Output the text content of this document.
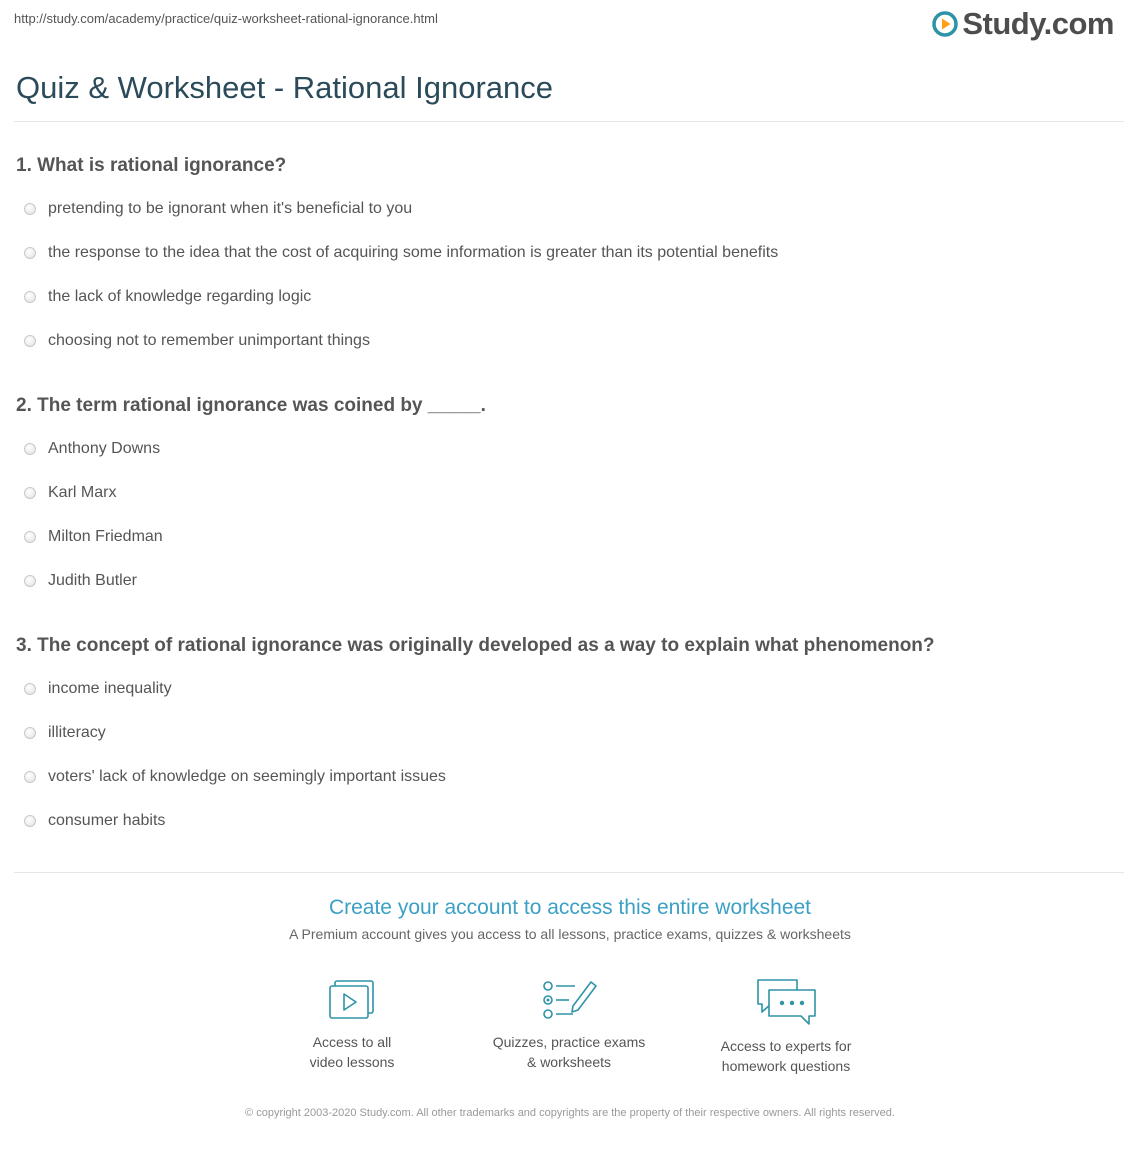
http://study.com/academy/practice/quiz-worksheet-rational-ignorance.html	Study.com
Quiz & Worksheet - Rational Ignorance
1. What is rational ignorance?
pretending to be ignorant when it's beneficial to you
the response to the idea that the cost of acquiring some information is greater than its potential benefits
the lack of knowledge regarding logic
choosing not to remember unimportant things
2. The term rational ignorance was coined by _____.
Anthony Downs
Karl Marx
Milton Friedman
Judith Butler
3. The concept of rational ignorance was originally developed as a way to explain what phenomenon?
income inequality
illiteracy
voters' lack of knowledge on seemingly important issues
consumer habits
Create your account to access this entire worksheet
A Premium account gives you access to all lessons, practice exams, quizzes & worksheets
Access to all
video lessons
Quizzes, practice exams
& worksheets
Access to experts for
homework questions
© copyright 2003-2020 Study.com. All other trademarks and copyrights are the property of their respective owners. All rights reserved.
